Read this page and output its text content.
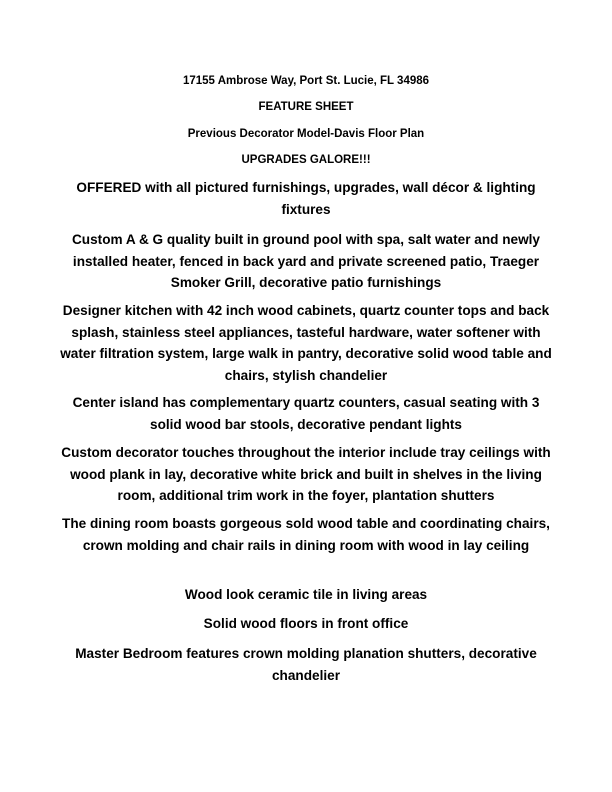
17155 Ambrose Way, Port St. Lucie, FL 34986

FEATURE SHEET

Previous Decorator Model-Davis Floor Plan

UPGRADES GALORE!!!

OFFERED with all pictured furnishings, upgrades, wall décor & lighting fixtures

Custom A & G quality built in ground pool with spa, salt water and newly installed heater, fenced in back yard and private screened patio, Traeger Smoker Grill, decorative patio furnishings

Designer kitchen with 42 inch wood cabinets, quartz counter tops and back splash, stainless steel appliances, tasteful hardware, water softener with water filtration system, large walk in pantry, decorative solid wood table and chairs, stylish chandelier

Center island has complementary quartz counters, casual seating with 3 solid wood bar stools, decorative pendant lights

Custom decorator touches throughout the interior include tray ceilings with wood plank in lay, decorative white brick and built in shelves in the living room, additional trim work in the foyer, plantation shutters

The dining room boasts gorgeous sold wood table and coordinating chairs, crown molding and chair rails in dining room with wood in lay ceiling

Wood look ceramic tile in living areas

Solid wood floors in front office

Master Bedroom features crown molding planation shutters, decorative chandelier
